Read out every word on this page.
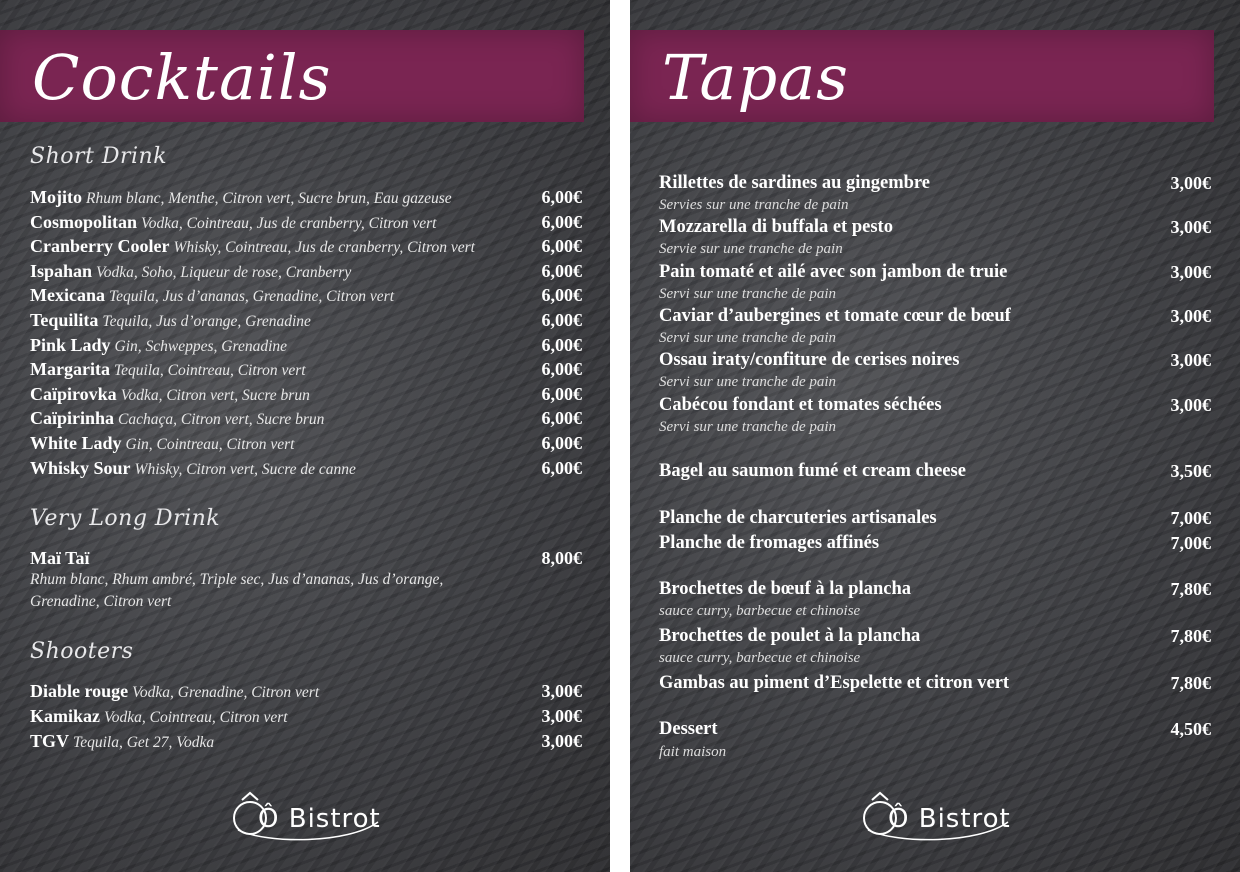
Cocktails
Short Drink
Mojito Rhum blanc, Menthe, Citron vert, Sucre brun, Eau gazeuse	6,00€
Cosmopolitan Vodka, Cointreau, Jus de cranberry, Citron vert	6,00€
Cranberry Cooler Whisky, Cointreau, Jus de cranberry, Citron vert	6,00€
Ispahan Vodka, Soho, Liqueur de rose, Cranberry	6,00€
Mexicana Tequila, Jus d’ananas, Grenadine, Citron vert	6,00€
Tequilita Tequila, Jus d’orange, Grenadine	6,00€
Pink Lady Gin, Schweppes, Grenadine	6,00€
Margarita Tequila, Cointreau, Citron vert	6,00€
Caïpirovka Vodka, Citron vert, Sucre brun	6,00€
Caïpirinha Cachaça, Citron vert, Sucre brun	6,00€
White Lady Gin, Cointreau, Citron vert	6,00€
Whisky Sour Whisky, Citron vert, Sucre de canne	6,00€
Very Long Drink
Maï Taï	8,00€
Rhum blanc, Rhum ambré, Triple sec, Jus d’ananas, Jus d’orange,
Grenadine, Citron vert
Shooters
Diable rouge Vodka, Grenadine, Citron vert	3,00€
Kamikaz Vodka, Cointreau, Citron vert	3,00€
TGV Tequila, Get 27, Vodka	3,00€
Ô Bistrot
Tapas
Rillettes de sardines au gingembre	3,00€
Servies sur une tranche de pain
Mozzarella di buffala et pesto	3,00€
Servie sur une tranche de pain
Pain tomaté et ailé avec son jambon de truie	3,00€
Servi sur une tranche de pain
Caviar d’aubergines et tomate cœur de bœuf	3,00€
Servi sur une tranche de pain
Ossau iraty/confiture de cerises noires	3,00€
Servi sur une tranche de pain
Cabécou fondant et tomates séchées	3,00€
Servi sur une tranche de pain
Bagel au saumon fumé et cream cheese	3,50€
Planche de charcuteries artisanales	7,00€
Planche de fromages affinés	7,00€
Brochettes de bœuf à la plancha	7,80€
sauce curry, barbecue et chinoise
Brochettes de poulet à la plancha	7,80€
sauce curry, barbecue et chinoise
Gambas au piment d’Espelette et citron vert	7,80€
Dessert	4,50€
fait maison
Ô Bistrot
